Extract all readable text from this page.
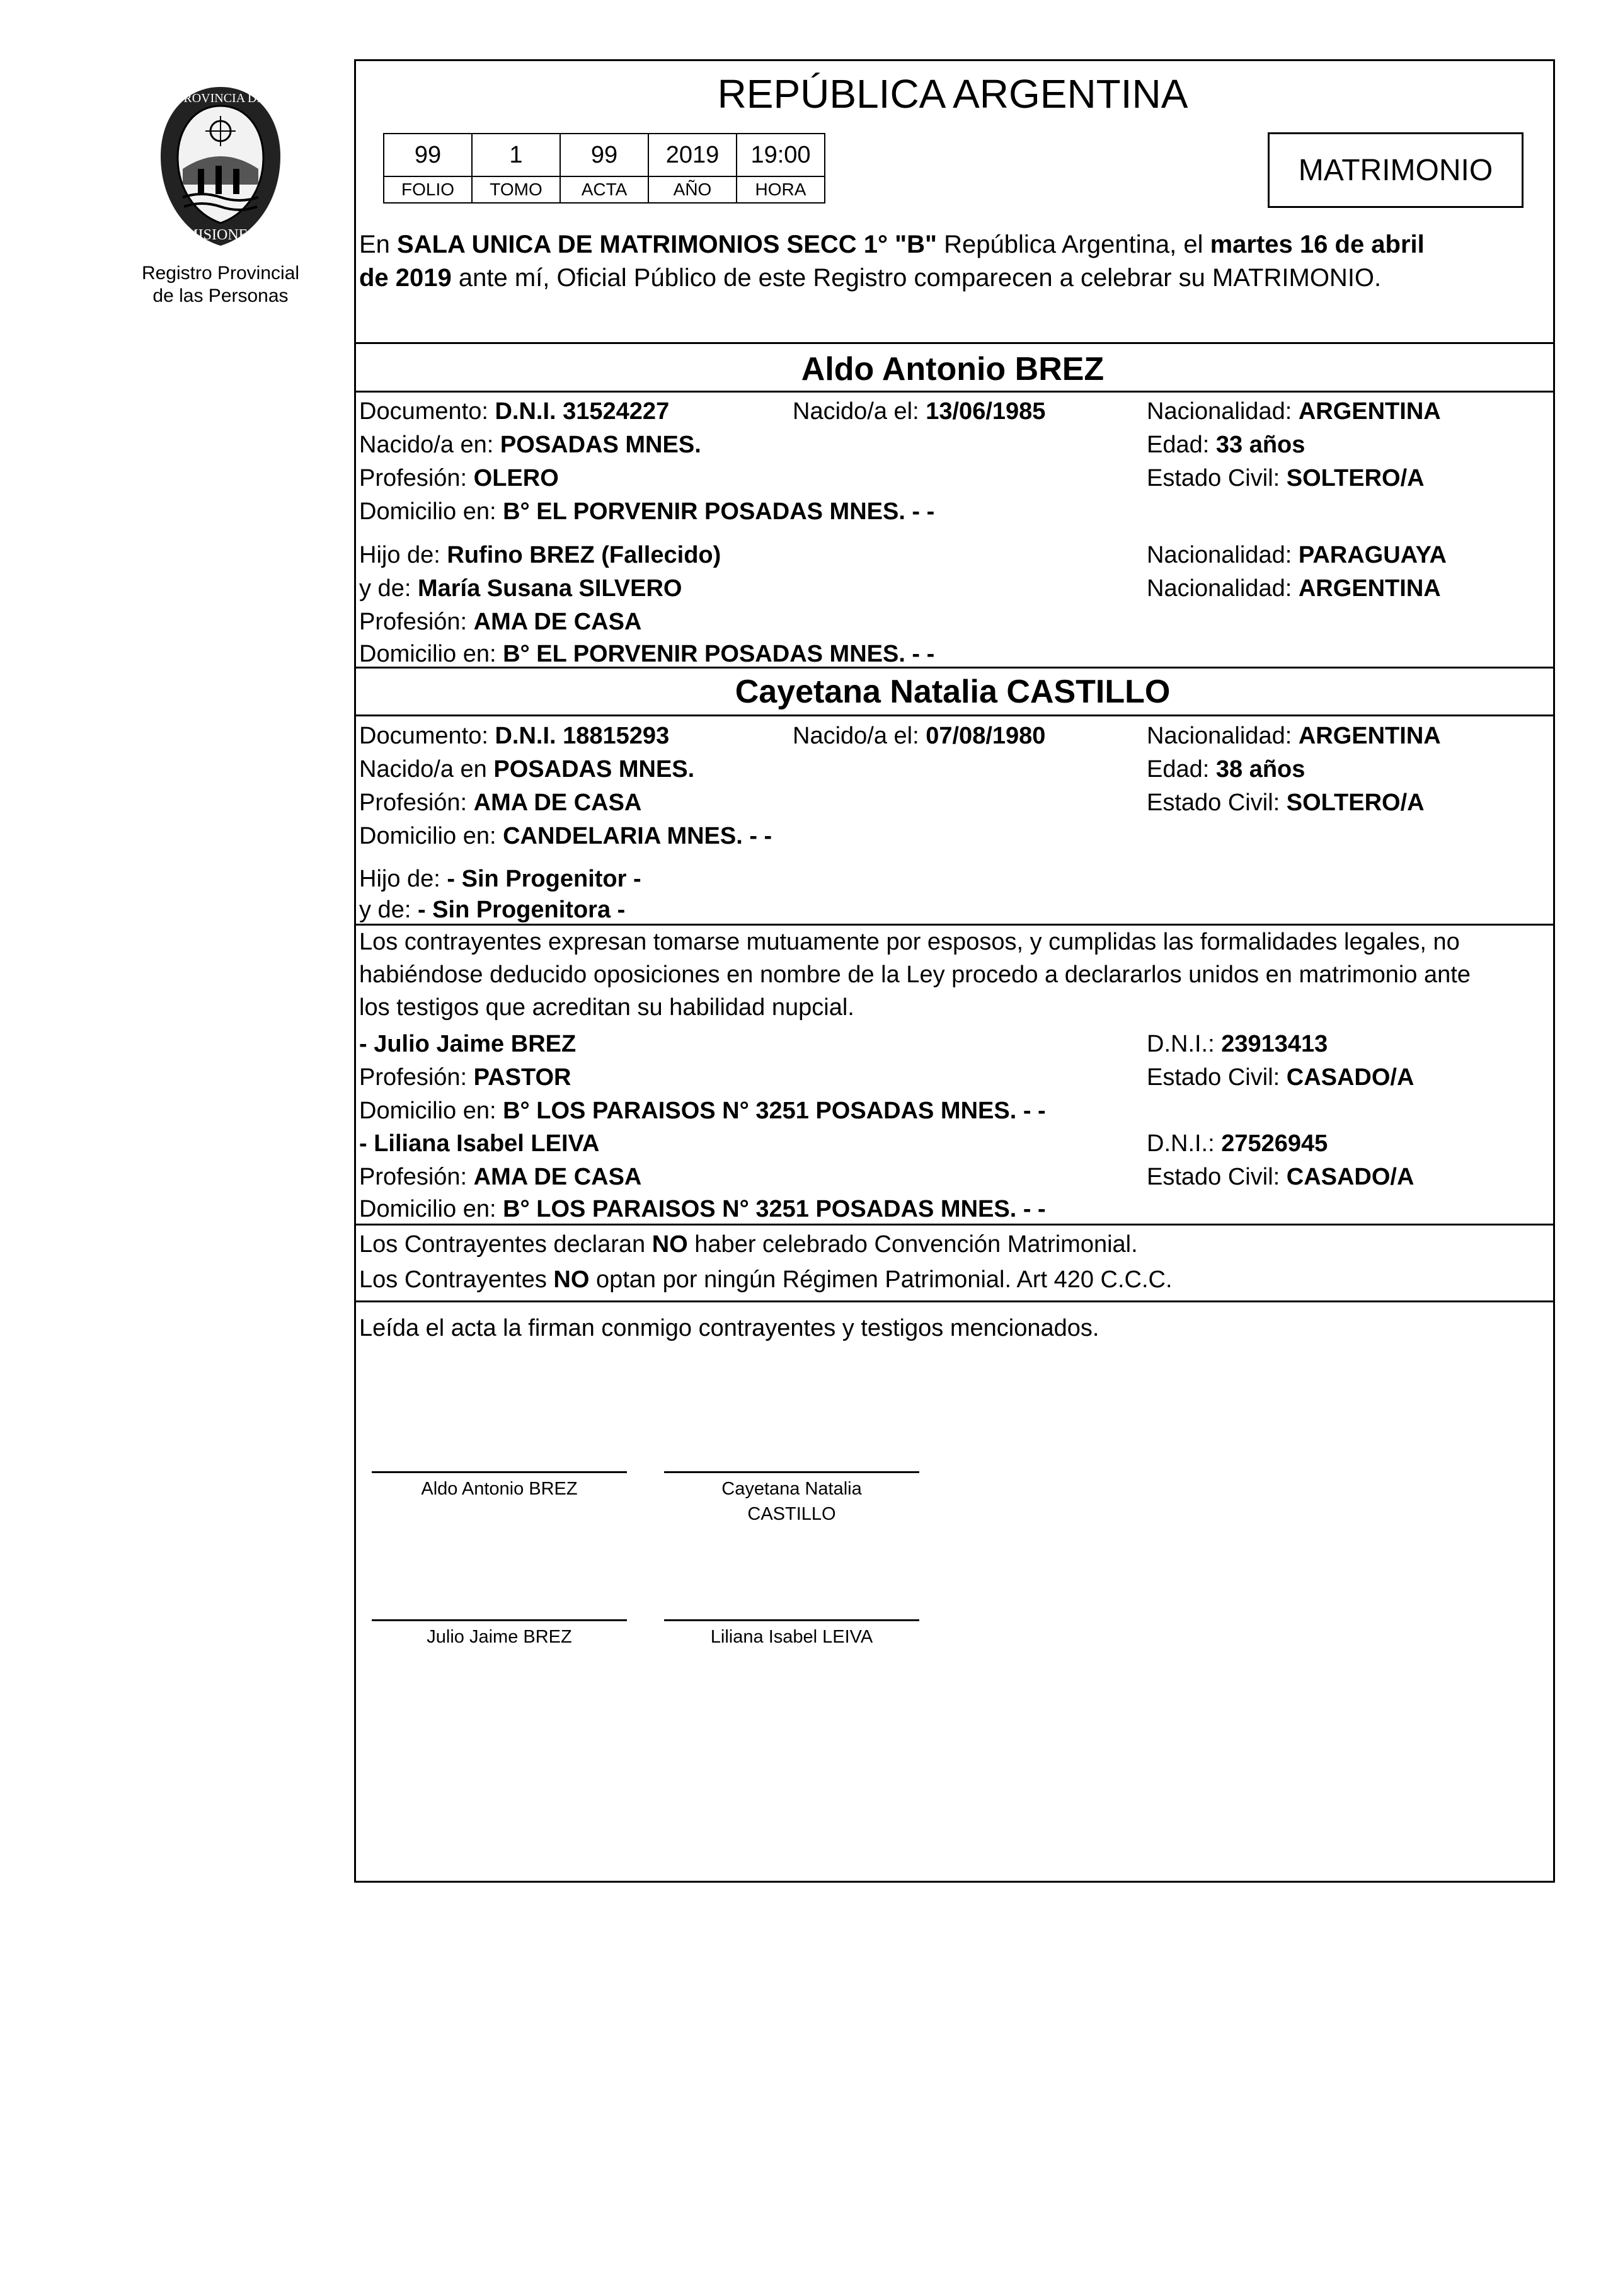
PROVINCIA DE
MISIONES
Registro Provincial
de las Personas
REPÚBLICA ARGENTINA
99	1	99	2019	19:00
FOLIO	TOMO	ACTA	AÑO	HORA
MATRIMONIO
En SALA UNICA DE MATRIMONIOS SECC 1° "B" República Argentina, el martes 16 de abril
de 2019 ante mí, Oficial Público de este Registro comparecen a celebrar su MATRIMONIO.
Aldo Antonio BREZ
Documento: D.N.I. 31524227	Nacido/a el: 13/06/1985	Nacionalidad: ARGENTINA
Nacido/a en: POSADAS MNES.	Edad: 33 años
Profesión: OLERO	Estado Civil: SOLTERO/A
Domicilio en: B° EL PORVENIR POSADAS MNES. - -
Hijo de: Rufino BREZ (Fallecido)	Nacionalidad: PARAGUAYA
y de: María Susana SILVERO	Nacionalidad: ARGENTINA
Profesión: AMA DE CASA
Domicilio en: B° EL PORVENIR POSADAS MNES. - -
Cayetana Natalia CASTILLO
Documento: D.N.I. 18815293	Nacido/a el: 07/08/1980	Nacionalidad: ARGENTINA
Nacido/a en POSADAS MNES.	Edad: 38 años
Profesión: AMA DE CASA	Estado Civil: SOLTERO/A
Domicilio en: CANDELARIA MNES. - -
Hijo de: - Sin Progenitor -
y de: - Sin Progenitora -
Los contrayentes expresan tomarse mutuamente por esposos, y cumplidas las formalidades legales, no
habiéndose deducido oposiciones en nombre de la Ley procedo a declararlos unidos en matrimonio ante
los testigos que acreditan su habilidad nupcial.
- Julio Jaime BREZ	D.N.I.: 23913413
Profesión: PASTOR	Estado Civil: CASADO/A
Domicilio en: B° LOS PARAISOS N° 3251 POSADAS MNES. - -
- Liliana Isabel LEIVA	D.N.I.: 27526945
Profesión: AMA DE CASA	Estado Civil: CASADO/A
Domicilio en: B° LOS PARAISOS N° 3251 POSADAS MNES. - -
Los Contrayentes declaran NO haber celebrado Convención Matrimonial.
Los Contrayentes NO optan por ningún Régimen Patrimonial. Art 420 C.C.C.
Leída el acta la firman conmigo contrayentes y testigos mencionados.
Aldo Antonio BREZ	Cayetana Natalia
CASTILLO
Julio Jaime BREZ	Liliana Isabel LEIVA
